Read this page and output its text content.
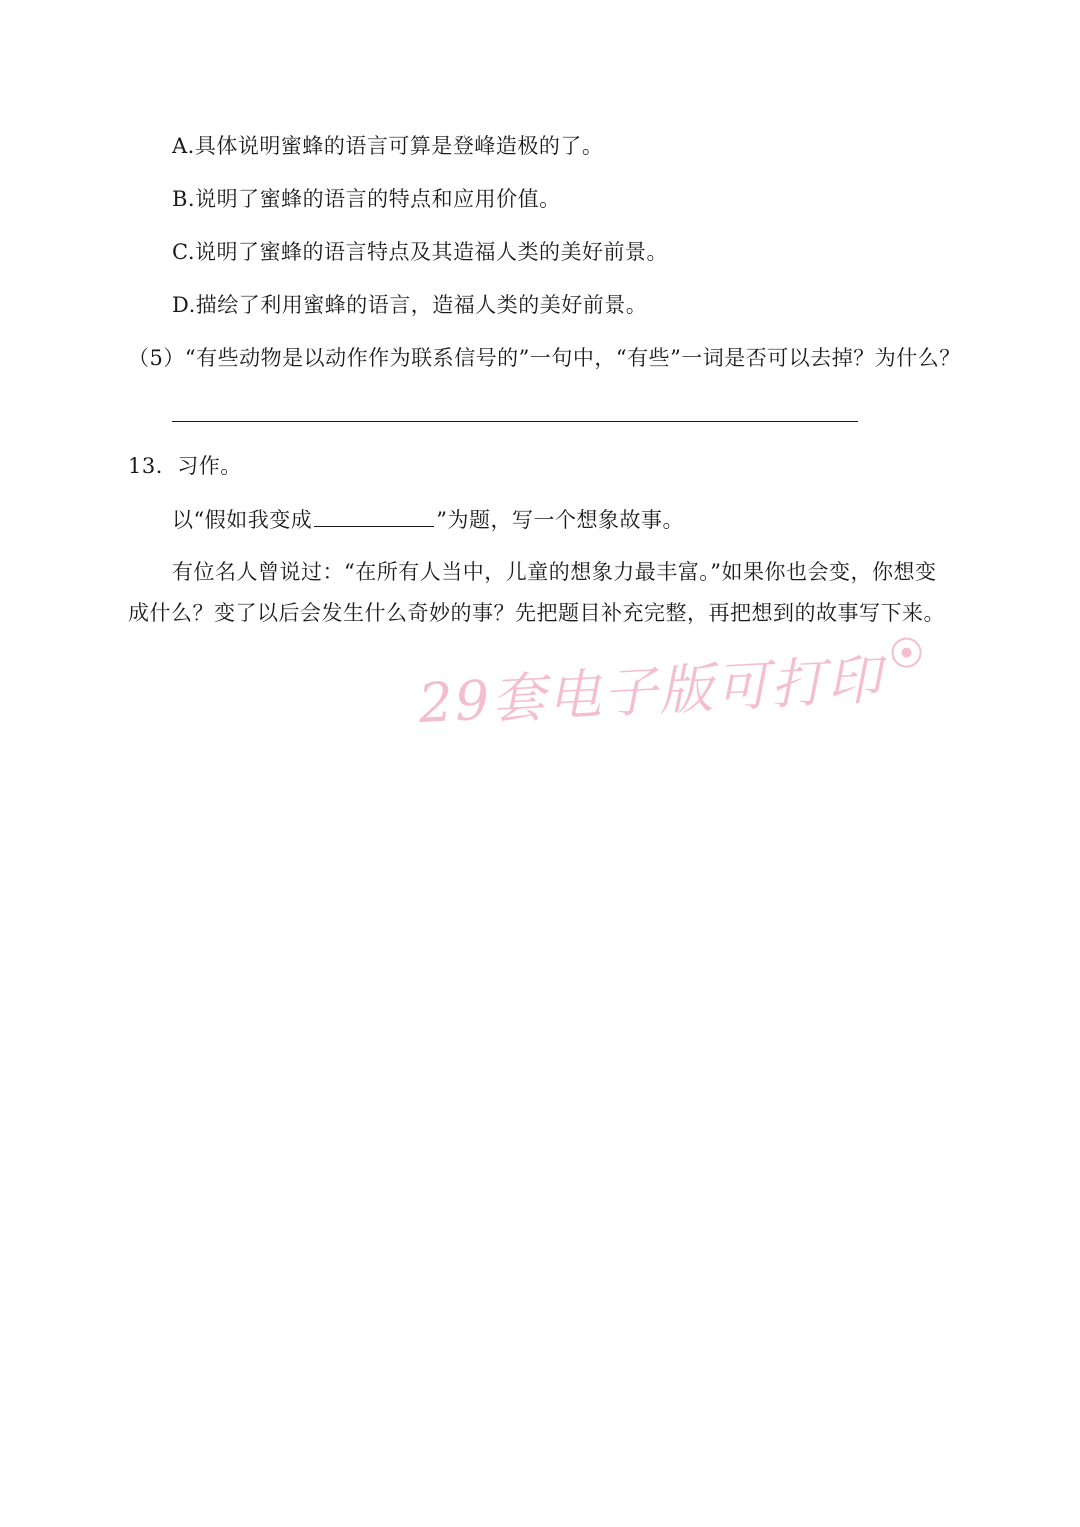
A.具体说明蜜蜂的语言可算是登峰造极的了。
B.说明了蜜蜂的语言的特点和应用价值。
C.说明了蜜蜂的语言特点及其造福人类的美好前景。
D.描绘了利用蜜蜂的语言，造福人类的美好前景。
（5）“有些动物是以动作作为联系信号的”一句中，“有些”一词是否可以去掉？为什么？
13．习作。
以“假如我变成	”为题，写一个想象故事。
有位名人曾说过：“在所有人当中，儿童的想象力最丰富。”如果你也会变，你想变
成什么？变了以后会发生什么奇妙的事？先把题目补充完整，再把想到的故事写下来。
29套电子版可打印
